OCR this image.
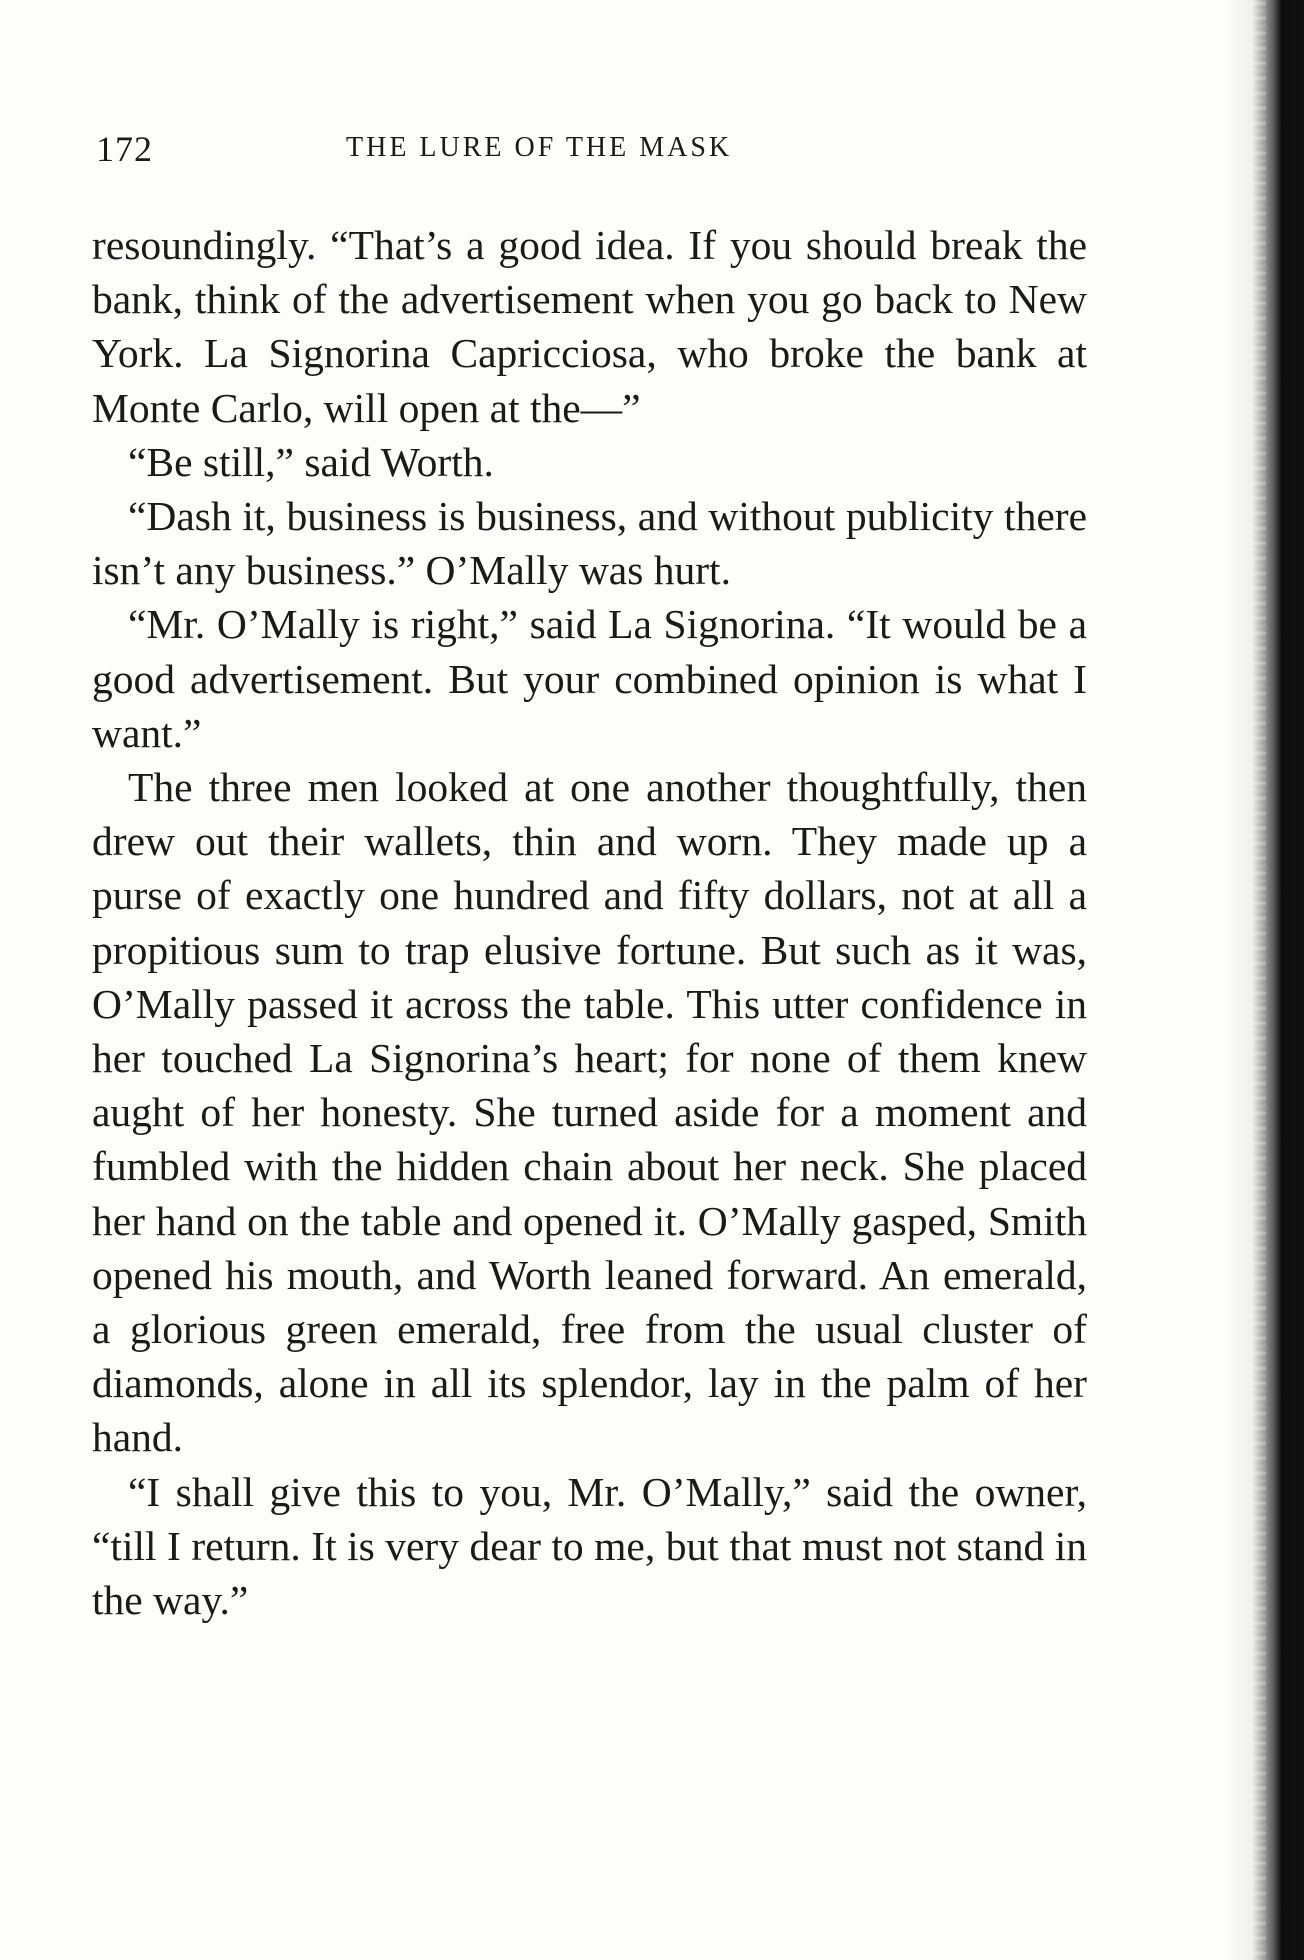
172	THE LURE OF THE MASK

resoundingly. “That’s a good idea. If you should break the bank, think of the advertisement when you go back to New York. La Signorina Capricciosa, who broke the bank at Monte Carlo, will open at the—”

“Be still,” said Worth.

“Dash it, business is business, and without publicity there isn’t any business.” O’Mally was hurt.

“Mr. O’Mally is right,” said La Signorina. “It would be a good advertisement. But your combined opinion is what I want.”

The three men looked at one another thoughtfully, then drew out their wallets, thin and worn. They made up a purse of exactly one hundred and fifty dollars, not at all a propitious sum to trap elusive fortune. But such as it was, O’Mally passed it across the table. This utter confidence in her touched La Signorina’s heart; for none of them knew aught of her honesty. She turned aside for a moment and fumbled with the hidden chain about her neck. She placed her hand on the table and opened it. O’Mally gasped, Smith opened his mouth, and Worth leaned forward. An emerald, a glorious green emerald, free from the usual cluster of diamonds, alone in all its splendor, lay in the palm of her hand.

“I shall give this to you, Mr. O’Mally,” said the owner, “till I return. It is very dear to me, but that must not stand in the way.”
